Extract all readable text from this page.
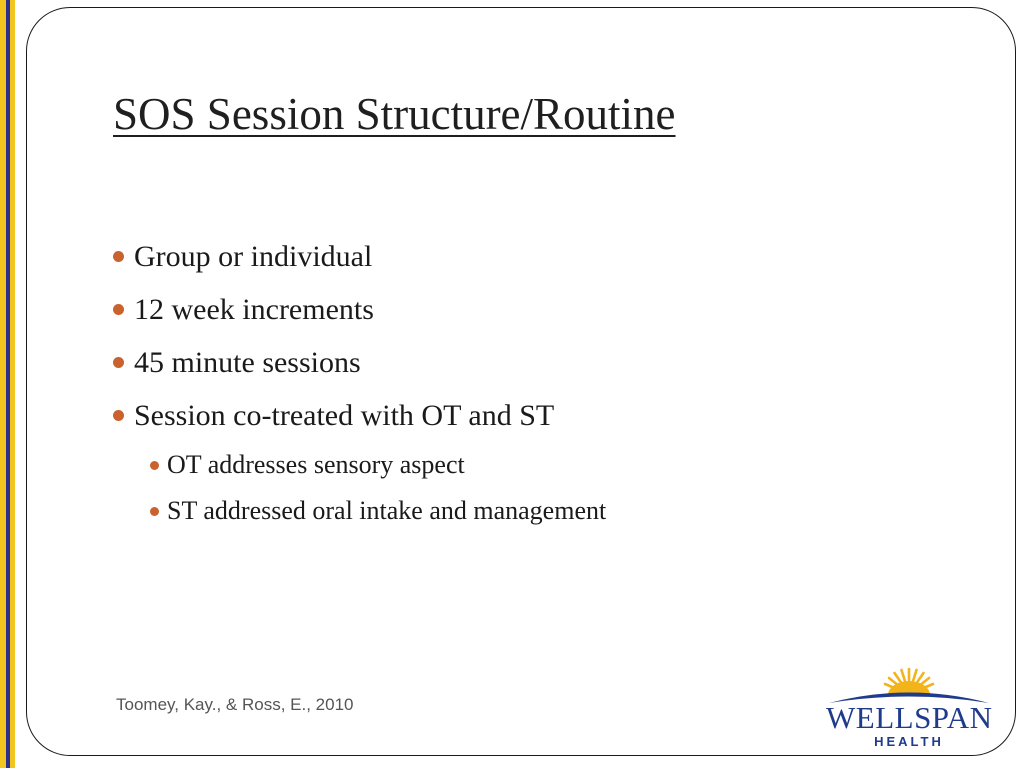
SOS Session Structure/Routine
Group or individual
12 week increments
45 minute sessions
Session co-treated with OT and ST
OT addresses sensory aspect
ST addressed oral intake and management
Toomey, Kay., & Ross, E., 2010	WELLSPAN
HEALTH
